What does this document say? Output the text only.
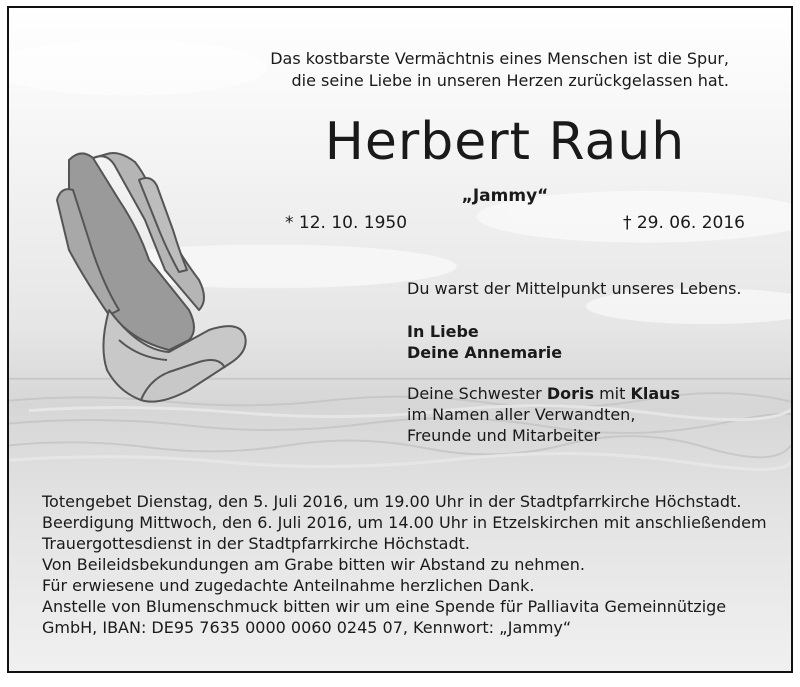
Das kostbarste Vermächtnis eines Menschen ist die Spur,
die seine Liebe in unseren Herzen zurückgelassen hat.
Herbert Rauh
„Jammy“
* 12. 10. 1950	† 29. 06. 2016
Du warst der Mittelpunkt unseres Lebens.
In Liebe
Deine Annemarie
Deine Schwester Doris mit Klaus
im Namen aller Verwandten,
Freunde und Mitarbeiter
Totengebet Dienstag, den 5. Juli 2016, um 19.00 Uhr in der Stadtpfarrkirche Höchstadt.
Beerdigung Mittwoch, den 6. Juli 2016, um 14.00 Uhr in Etzelskirchen mit anschließendem
Trauergottesdienst in der Stadtpfarrkirche Höchstadt.
Von Beileidsbekundungen am Grabe bitten wir Abstand zu nehmen.
Für erwiesene und zugedachte Anteilnahme herzlichen Dank.
Anstelle von Blumenschmuck bitten wir um eine Spende für Palliavita Gemeinnützige
GmbH, IBAN: DE95 7635 0000 0060 0245 07, Kennwort: „Jammy“
